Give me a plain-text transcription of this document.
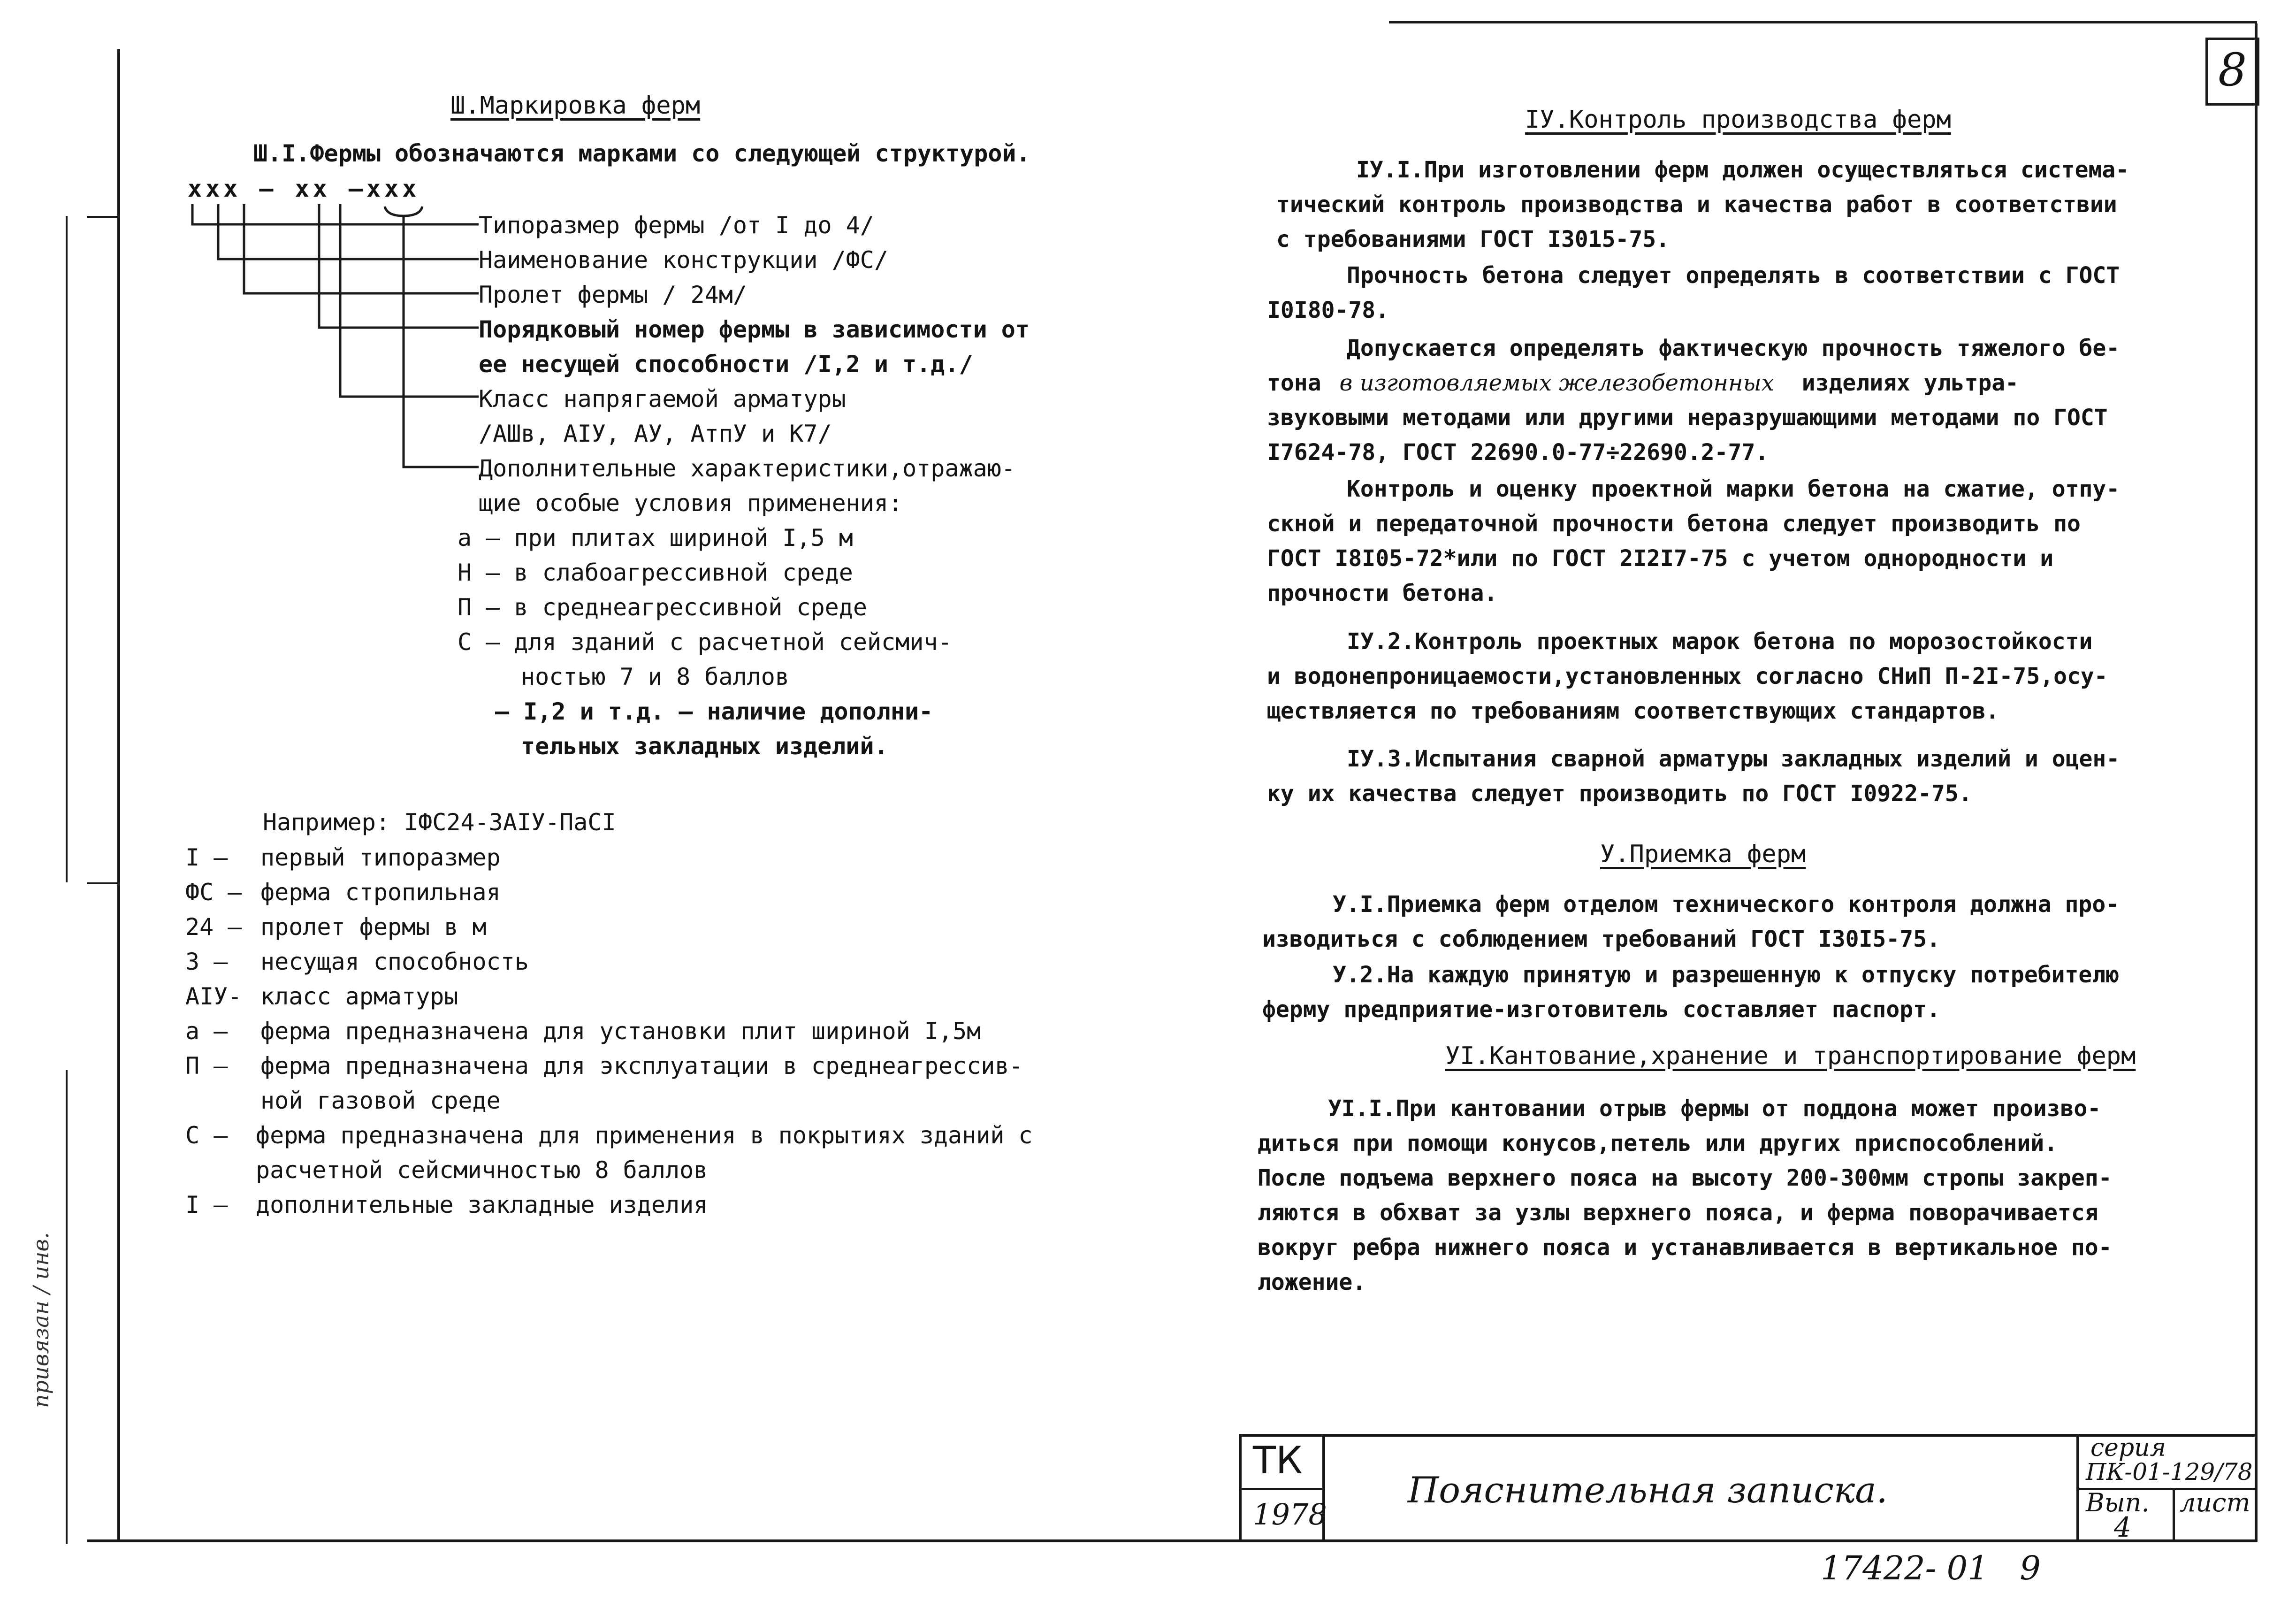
привязан / инв.
8
Ш.Маркировка ферм
Ш.I.Фермы обозначаются марками со следующей структурой.
ххх — хх —ххх
Типоразмер фермы /от I до 4/
Наименование конструкции /ФС/
Пролет фермы / 24м/
Порядковый номер фермы в зависимости от
ее несущей способности /I,2 и т.д./
Класс напрягаемой арматуры
/АШв, АIУ, АУ, АтпУ и К7/
Дополнительные характеристики,отражаю-
щие особые условия применения:
а – при плитах шириной I,5 м
Н – в слабоагрессивной среде
П – в среднеагрессивной среде
С – для зданий с расчетной сейсмич-
ностью 7 и 8 баллов
– I,2 и т.д. – наличие дополни-
тельных закладных изделий.
Например: IФС24-3АIУ-ПаСI
I – первый типоразмер
ФС – ферма стропильная
24 – пролет фермы в м
3 – несущая способность
АIУ- класс арматуры
а – ферма предназначена для установки плит шириной I,5м
П – ферма предназначена для эксплуатации в среднеагрессив-
ной газовой среде
С – ферма предназначена для применения в покрытиях зданий с
расчетной сейсмичностью 8 баллов
I – дополнительные закладные изделия
IУ.Контроль производства ферм
IУ.I.При изготовлении ферм должен осуществляться система-
тический контроль производства и качества работ в соответствии
с требованиями ГОСТ I3015-75.
Прочность бетона следует определять в соответствии с ГОСТ
I0I80-78.
Допускается определять фактическую прочность тяжелого бе-
тона в изготовляемых железобетонных изделиях ультра-
звуковыми методами или другими неразрушающими методами по ГОСТ
I7624-78, ГОСТ 22690.0-77÷22690.2-77.
Контроль и оценку проектной марки бетона на сжатие, отпу-
скной и передаточной прочности бетона следует производить по
ГОСТ I8I05-72*или по ГОСТ 2I2I7-75 с учетом однородности и
прочности бетона.
IУ.2.Контроль проектных марок бетона по морозостойкости
и водонепроницаемости,установленных согласно СНиП П-2I-75,осу-
ществляется по требованиям соответствующих стандартов.
IУ.3.Испытания сварной арматуры закладных изделий и оцен-
ку их качества следует производить по ГОСТ I0922-75.
У.Приемка ферм
У.I.Приемка ферм отделом технического контроля должна про-
изводиться с соблюдением требований ГОСТ I30I5-75.
У.2.На каждую принятую и разрешенную к отпуску потребителю
ферму предприятие-изготовитель составляет паспорт.
УI.Кантование,хранение и транспортирование ферм
УI.I.При кантовании отрыв фермы от поддона может произво-
диться при помощи конусов,петель или других приспособлений.
После подъема верхнего пояса на высоту 200-300мм стропы закреп-
ляются в обхват за узлы верхнего пояса, и ферма поворачивается
вокруг ребра нижнего пояса и устанавливается в вертикальное по-
ложение.
ТК
1978
Пояснительная записка.
серия
ПК-01-129/78
Вып.
4
лист
17422- 01   9
